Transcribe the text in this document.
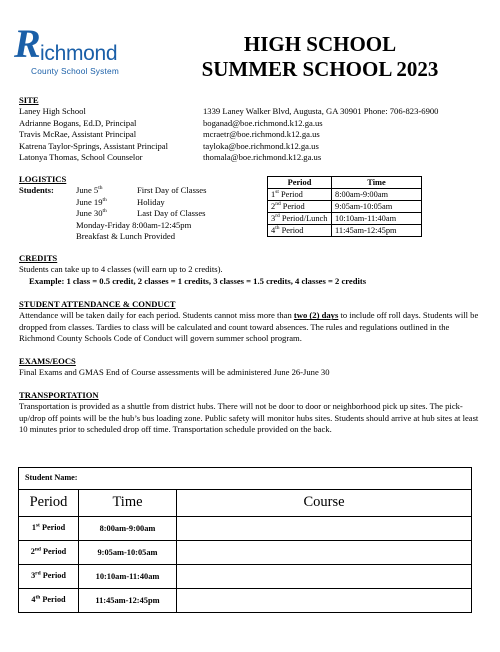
R ichmond
County School System
HIGH SCHOOL
SUMMER SCHOOL 2023
SITE
Laney High School	1339 Laney Walker Blvd, Augusta, GA 30901 Phone: 706-823-6900
Adrianne Bogans, Ed.D, Principal	boganad@boe.richmond.k12.ga.us
Travis McRae, Assistant Principal	mcraetr@boe.richmond.k12.ga.us
Katrena Taylor-Springs, Assistant Principal	tayloka@boe.richmond.k12.ga.us
Latonya Thomas, School Counselor	thomala@boe.richmond.k12.ga.us
LOGISTICS
Students:	June 5th	First Day of Classes
June 19th	Holiday
June 30th	Last Day of Classes
Monday-Friday 8:00am-12:45pm
Breakfast & Lunch Provided
Period	Time
1st Period	8:00am-9:00am
2nd Period	9:05am-10:05am
3rd Period/Lunch	10:10am-11:40am
4th Period	11:45am-12:45pm
CREDITS
Students can take up to 4 classes (will earn up to 2 credits).
Example: 1 class = 0.5 credit, 2 classes = 1 credits, 3 classes = 1.5 credits, 4 classes = 2 credits
STUDENT ATTENDANCE & CONDUCT
Attendance will be taken daily for each period. Students cannot miss more than two (2) days to include off roll days. Students will be dropped from classes. Tardies to class will be calculated and count toward absences. The rules and regulations outlined in the Richmond County Schools Code of Conduct will govern summer school program.
EXAMS/EOCS
Final Exams and GMAS End of Course assessments will be administered June 26-June 30
TRANSPORTATION
Transportation is provided as a shuttle from district hubs. There will not be door to door or neighborhood pick up sites. The pick-up/drop off points will be the hub’s bus loading zone. Public safety will monitor hubs sites. Students should arrive at hub sites at least 10 minutes prior to scheduled drop off time. Transportation schedule provided on the back.
Student Name:		
Period	Time	Course
1st Period	8:00am-9:00am	
2nd Period	9:05am-10:05am	
3rd Period	10:10am-11:40am	
4th Period	11:45am-12:45pm	
